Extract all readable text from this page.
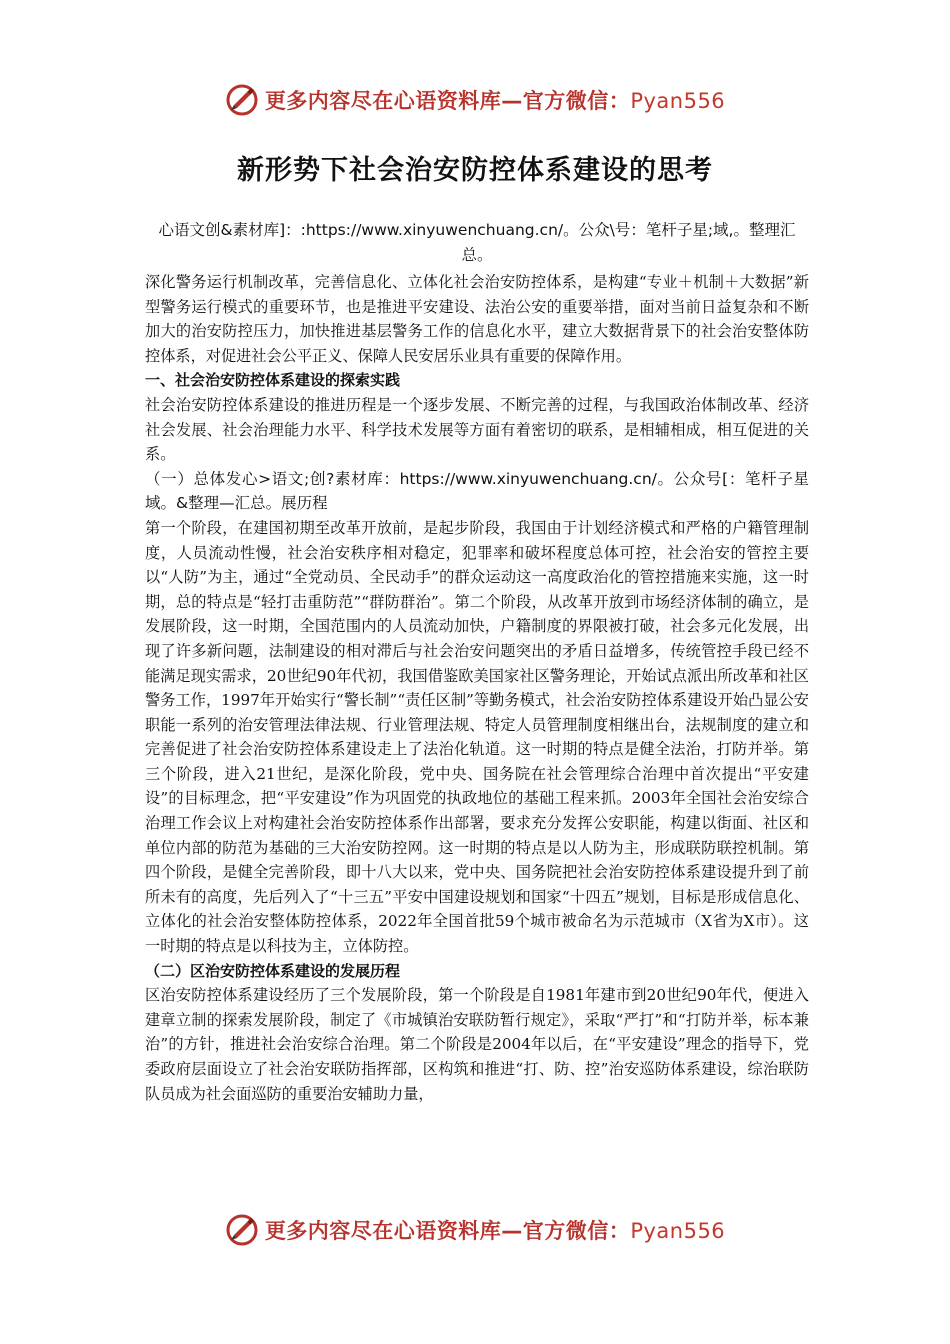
更多内容尽在心语资料库—官方微信：Pyan556
新形势下社会治安防控体系建设的思考

心语文创&素材库]：:https://www.xinyuwenchuang.cn/。公众\号：笔杆子星;域,。整理汇总。

深化警务运行机制改革，完善信息化、立体化社会治安防控体系，是构建“专业＋机制＋大数据”新型警务运行模式的重要环节，也是推进平安建设、法治公安的重要举措，面对当前日益复杂和不断加大的治安防控压力，加快推进基层警务工作的信息化水平，建立大数据背景下的社会治安整体防控体系，对促进社会公平正义、保障人民安居乐业具有重要的保障作用。

一、社会治安防控体系建设的探索实践

社会治安防控体系建设的推进历程是一个逐步发展、不断完善的过程，与我国政治体制改革、经济社会发展、社会治理能力水平、科学技术发展等方面有着密切的联系，是相辅相成，相互促进的关系。

（一）总体发心>语文;创?素材库：https://www.xinyuwenchuang.cn/。公众号[：笔杆子星域。&整理—汇总。展历程

第一个阶段，在建国初期至改革开放前，是起步阶段，我国由于计划经济模式和严格的户籍管理制度，人员流动性慢，社会治安秩序相对稳定，犯罪率和破坏程度总体可控，社会治安的管控主要以“人防”为主，通过“全党动员、全民动手”的群众运动这一高度政治化的管控措施来实施，这一时期，总的特点是“轻打击重防范”“群防群治”。第二个阶段，从改革开放到市场经济体制的确立，是发展阶段，这一时期，全国范围内的人员流动加快，户籍制度的界限被打破，社会多元化发展，出现了许多新问题，法制建设的相对滞后与社会治安问题突出的矛盾日益增多，传统管控手段已经不能满足现实需求，20世纪90年代初，我国借鉴欧美国家社区警务理论，开始试点派出所改革和社区警务工作，1997年开始实行“警长制”“责任区制”等勤务模式，社会治安防控体系建设开始凸显公安职能一系列的治安管理法律法规、行业管理法规、特定人员管理制度相继出台，法规制度的建立和完善促进了社会治安防控体系建设走上了法治化轨道。这一时期的特点是健全法治，打防并举。第三个阶段，进入21世纪，是深化阶段，党中央、国务院在社会管理综合治理中首次提出“平安建设”的目标理念，把“平安建设”作为巩固党的执政地位的基础工程来抓。2003年全国社会治安综合治理工作会议上对构建社会治安防控体系作出部署，要求充分发挥公安职能，构建以街面、社区和单位内部的防范为基础的三大治安防控网。这一时期的特点是以人防为主，形成联防联控机制。第四个阶段，是健全完善阶段，即十八大以来，党中央、国务院把社会治安防控体系建设提升到了前所未有的高度，先后列入了“十三五”平安中国建设规划和国家“十四五”规划，目标是形成信息化、立体化的社会治安整体防控体系，2022年全国首批59个城市被命名为示范城市（X省为X市）。这一时期的特点是以科技为主，立体防控。

（二）区治安防控体系建设的发展历程

区治安防控体系建设经历了三个发展阶段，第一个阶段是自1981年建市到20世纪90年代，便进入建章立制的探索发展阶段，制定了《市城镇治安联防暂行规定》，采取“严打”和“打防并举，标本兼治”的方针，推进社会治安综合治理。第二个阶段是2004年以后，在“平安建设”理念的指导下，党委政府层面设立了社会治安联防指挥部，区构筑和推进“打、防、控”治安巡防体系建设，综治联防队员成为社会面巡防的重要治安辅助力量，

更多内容尽在心语资料库—官方微信：Pyan556
